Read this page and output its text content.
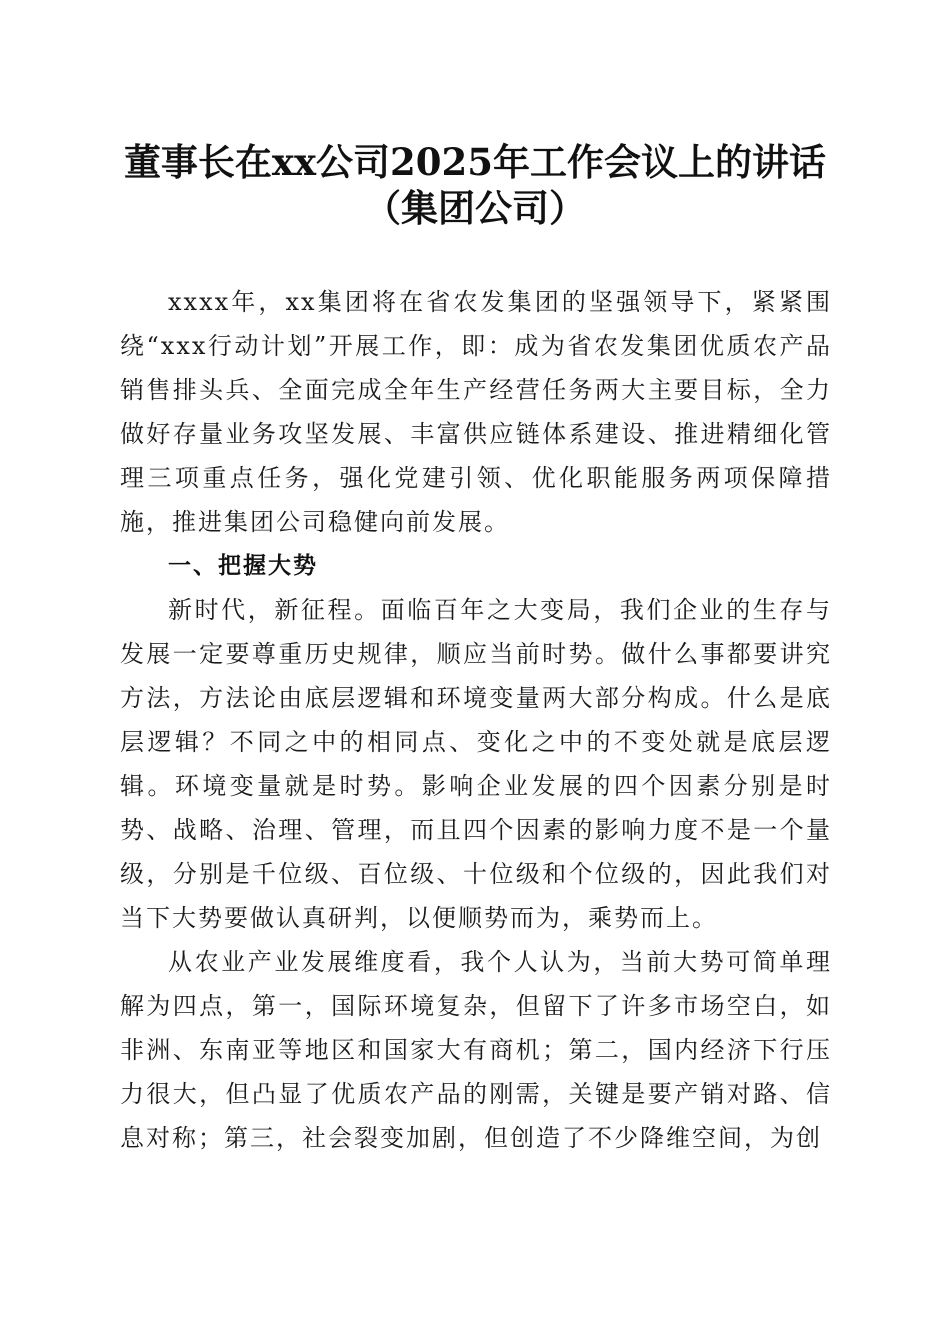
董事长在xx公司2025年工作会议上的讲话
（集团公司）

xxxx年，xx集团将在省农发集团的坚强领导下，紧紧围绕“xxx行动计划”开展工作，即：成为省农发集团优质农产品销售排头兵、全面完成全年生产经营任务两大主要目标，全力做好存量业务攻坚发展、丰富供应链体系建设、推进精细化管理三项重点任务，强化党建引领、优化职能服务两项保障措施，推进集团公司稳健向前发展。

一、把握大势

新时代，新征程。面临百年之大变局，我们企业的生存与发展一定要尊重历史规律，顺应当前时势。做什么事都要讲究方法，方法论由底层逻辑和环境变量两大部分构成。什么是底层逻辑？不同之中的相同点、变化之中的不变处就是底层逻辑。环境变量就是时势。影响企业发展的四个因素分别是时势、战略、治理、管理，而且四个因素的影响力度不是一个量级，分别是千位级、百位级、十位级和个位级的，因此我们对当下大势要做认真研判，以便顺势而为，乘势而上。

从农业产业发展维度看，我个人认为，当前大势可简单理解为四点，第一，国际环境复杂，但留下了许多市场空白，如非洲、东南亚等地区和国家大有商机；第二，国内经济下行压力很大，但凸显了优质农产品的刚需，关键是要产销对路、信息对称；第三，社会裂变加剧，但创造了不少降维空间，为创
